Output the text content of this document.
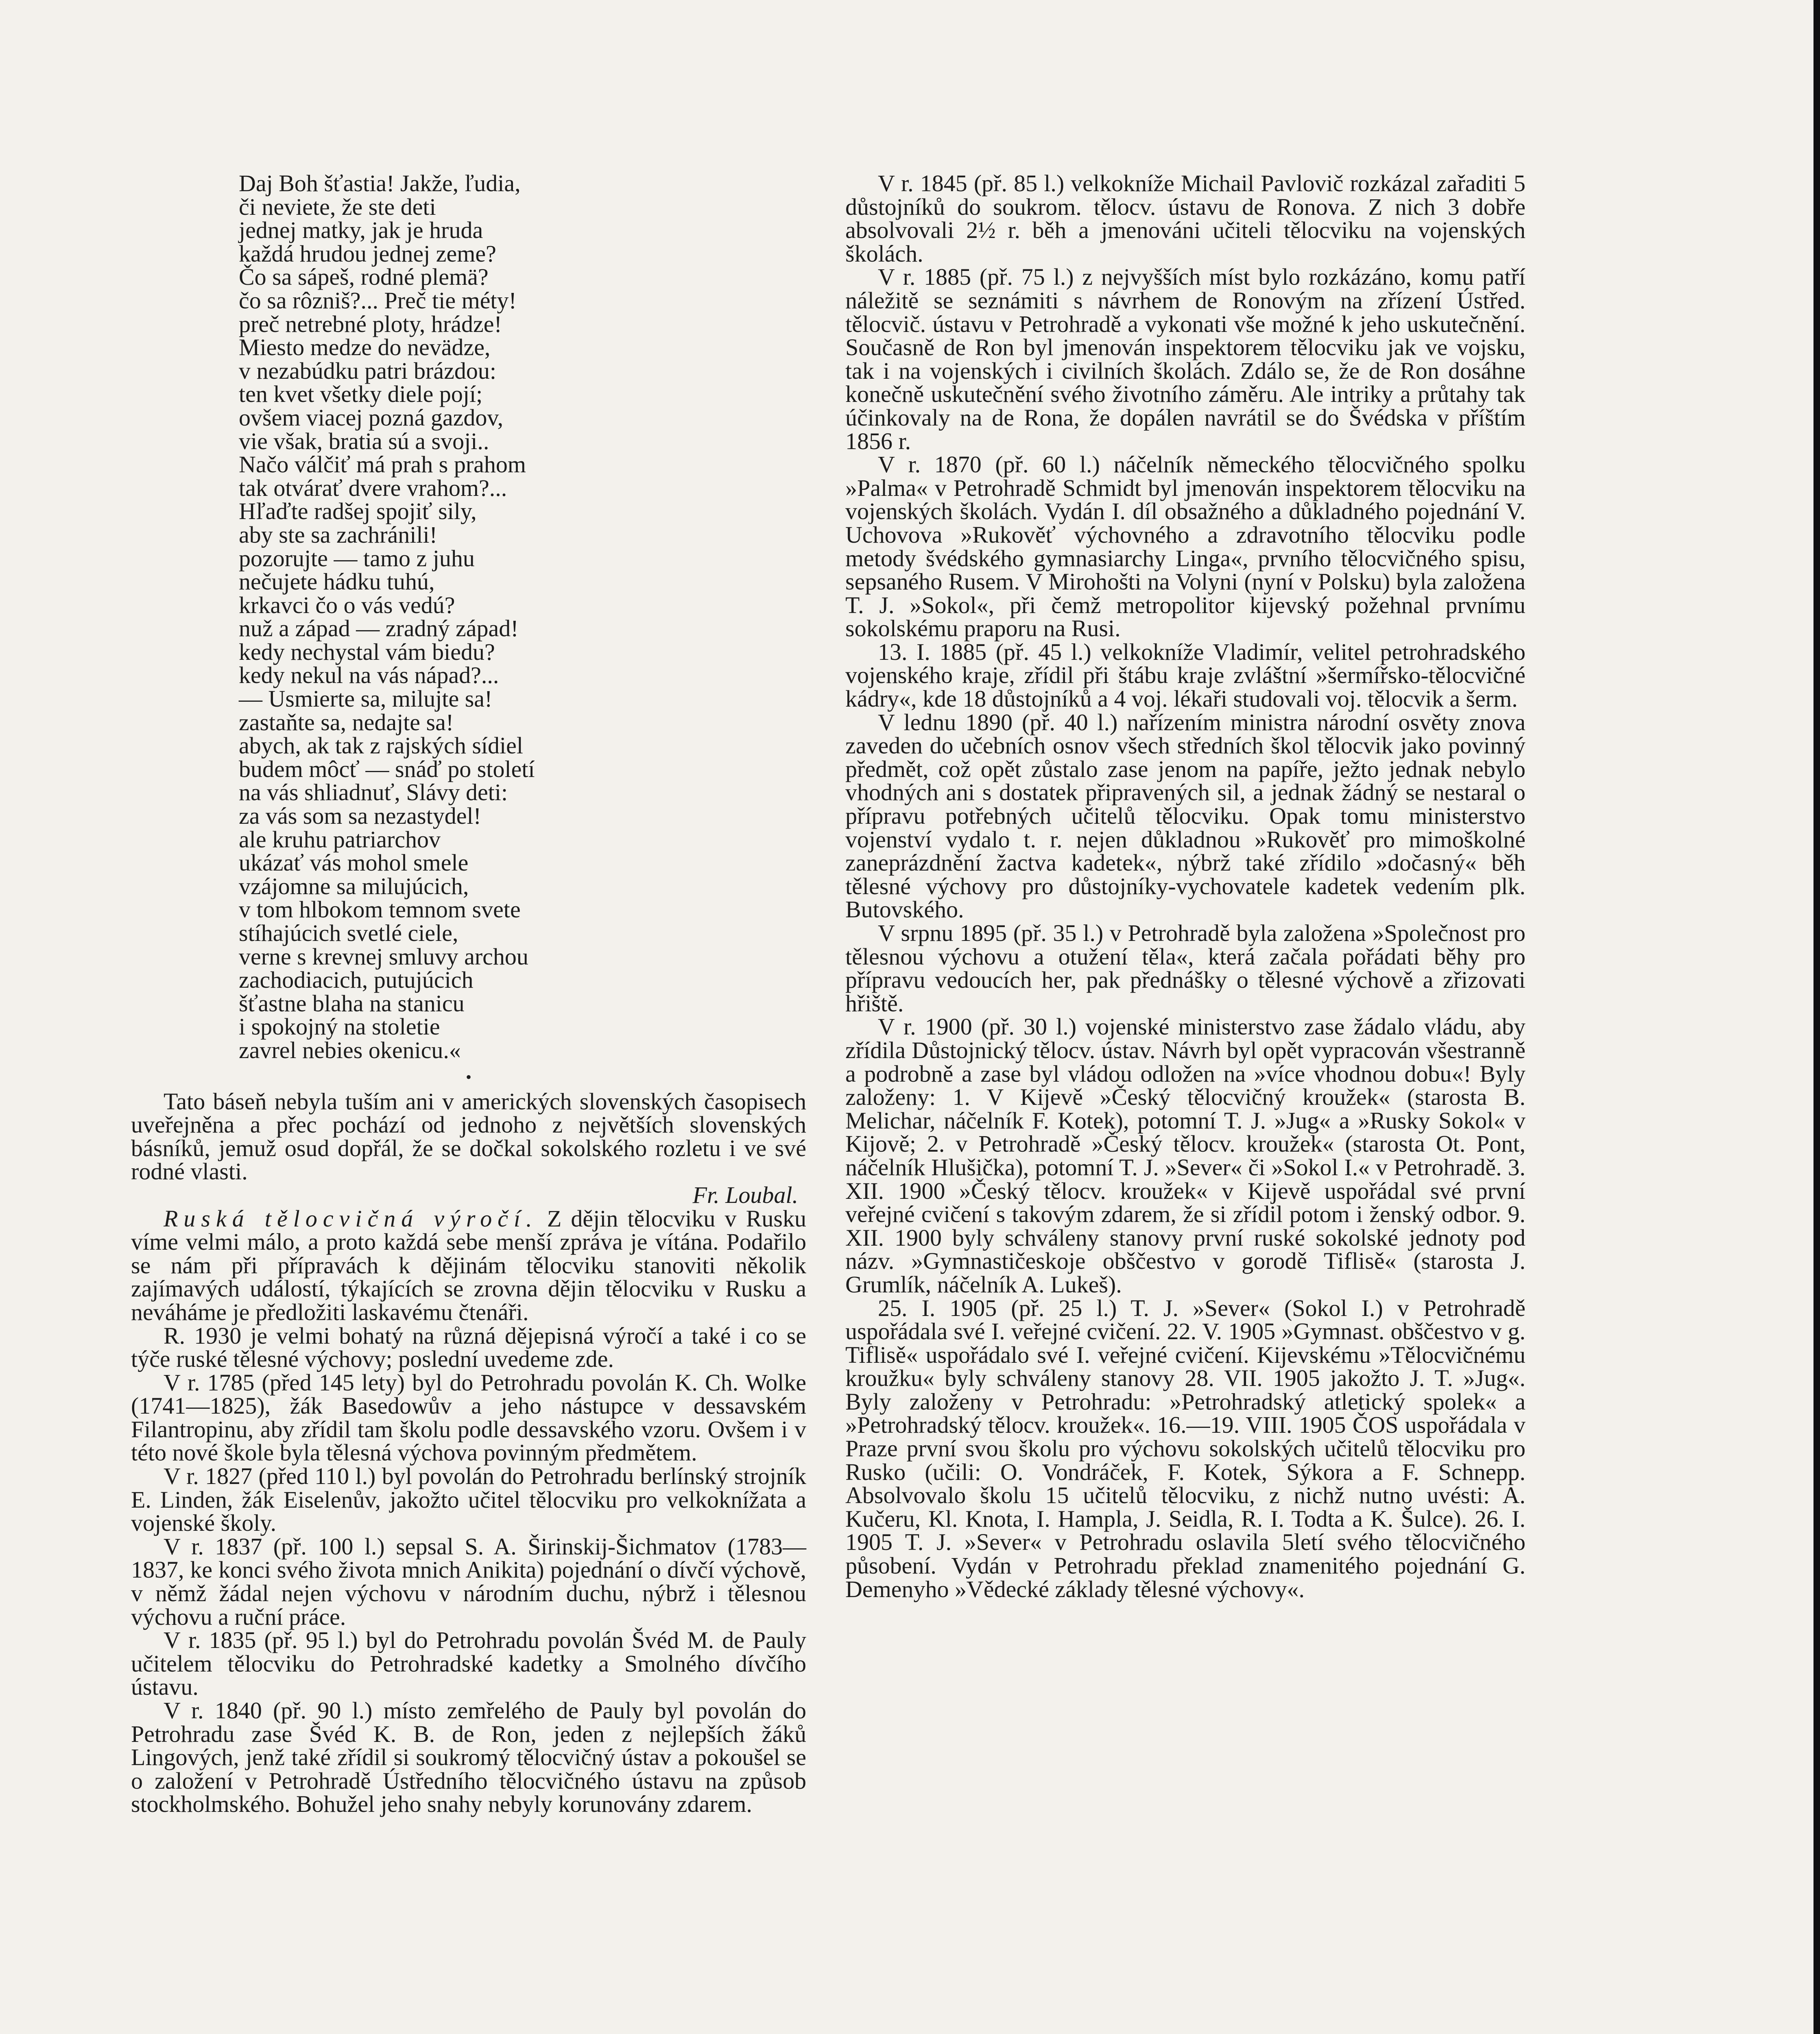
Daj Boh šťastia! Jakže, ľudia,

či neviete, že ste deti

jednej matky, jak je hruda

každá hrudou jednej zeme?

Čo sa sápeš, rodné plemä?

čo sa rôzniš?... Preč tie méty!

preč netrebné ploty, hrádze!

Miesto medze do nevädze,

v nezabúdku patri brázdou:

ten kvet všetky diele pojí;

ovšem viacej pozná gazdov,

vie však, bratia sú a svoji..

Načo válčiť má prah s prahom

tak otvárať dvere vrahom?...

Hľaďte radšej spojiť sily,

aby ste sa zachránili!

pozorujte — tamo z juhu

nečujete hádku tuhú,

krkavci čo o vás vedú?

nuž a západ — zradný západ!

kedy nechystal vám biedu?

kedy nekul na vás nápad?...

— Usmierte sa, milujte sa!

zastaňte sa, nedajte sa!

abych, ak tak z rajských sídiel

budem môcť — snáď po století

na vás shliadnuť, Slávy deti:

za vás som sa nezastydel!

ale kruhu patriarchov

ukázať vás mohol smele

vzájomne sa milujúcich,

v tom hlbokom temnom svete

stíhajúcich svetlé ciele,

verne s krevnej smluvy archou

zachodiacich, putujúcich

šťastne blaha na stanicu

i spokojný na stoletie

zavrel nebies okenicu.«

•

Tato báseň nebyla tuším ani v amerických slovenských časopisech uveřejněna a přec pochází od jednoho z největších slovenských básníků, jemuž osud dopřál, že se dočkal sokolského rozletu i ve své rodné vlasti.

Fr. Loubal.

Ruská tělocvičná výročí. Z dějin tělocviku v Rusku víme velmi málo, a proto každá sebe menší zpráva je vítána. Podařilo se nám při přípravách k dějinám tělocviku stanoviti několik zajímavých událostí, týkajících se zrovna dějin tělocviku v Rusku a neváháme je předložiti laskavému čtenáři.

R. 1930 je velmi bohatý na různá dějepisná výročí a také i co se týče ruské tělesné výchovy; poslední uvedeme zde.

V r. 1785 (před 145 lety) byl do Petrohradu povolán K. Ch. Wolke (1741—1825), žák Basedowův a jeho nástupce v dessavském Filantropinu, aby zřídil tam školu podle dessavského vzoru. Ovšem i v této nové škole byla tělesná výchova povinným předmětem.

V r. 1827 (před 110 l.) byl povolán do Petrohradu berlínský strojník E. Linden, žák Eiselenův, jakožto učitel tělocviku pro velkoknížata a vojenské školy.

V r. 1837 (př. 100 l.) sepsal S. A. Širinskij-Šichmatov (1783—1837, ke konci svého života mnich Anikita) pojednání o dívčí výchově, v němž žádal nejen výchovu v národním duchu, nýbrž i tělesnou výchovu a ruční práce.

V r. 1835 (př. 95 l.) byl do Petrohradu povolán Švéd M. de Pauly učitelem tělocviku do Petrohradské kadetky a Smolného dívčího ústavu.

V r. 1840 (př. 90 l.) místo zemřelého de Pauly byl povolán do Petrohradu zase Švéd K. B. de Ron, jeden z nejlepších žáků Lingových, jenž také zřídil si soukromý tělocvičný ústav a pokoušel se o založení v Petrohradě Ústředního tělocvičného ústavu na způsob stockholmského. Bohužel jeho snahy nebyly korunovány zdarem.

V r. 1845 (př. 85 l.) velkokníže Michail Pavlovič rozkázal zařaditi 5 důstojníků do soukrom. tělocv. ústavu de Ronova. Z nich 3 dobře absolvovali 2½ r. běh a jmenováni učiteli tělocviku na vojenských školách.

V r. 1885 (př. 75 l.) z nejvyšších míst bylo rozkázáno, komu patří náležitě se seznámiti s návrhem de Ronovým na zřízení Ústřed. tělocvič. ústavu v Petrohradě a vykonati vše možné k jeho uskutečnění. Současně de Ron byl jmenován inspektorem tělocviku jak ve vojsku, tak i na vojenských i civilních školách. Zdálo se, že de Ron dosáhne konečně uskutečnění svého životního záměru. Ale intriky a průtahy tak účinkovaly na de Rona, že dopálen navrátil se do Švédska v příštím 1856 r.

V r. 1870 (př. 60 l.) náčelník německého tělocvičného spolku »Palma« v Petrohradě Schmidt byl jmenován inspektorem tělocviku na vojenských školách. Vydán I. díl obsažného a důkladného pojednání V. Uchovova »Rukověť výchovného a zdravotního tělocviku podle metody švédského gymnasiarchy Linga«, prvního tělocvičného spisu, sepsaného Rusem. V Mirohošti na Volyni (nyní v Polsku) byla založena T. J. »Sokol«, při čemž metropolitor kijevský požehnal prvnímu sokolskému praporu na Rusi.

13. I. 1885 (př. 45 l.) velkokníže Vladimír, velitel petrohradského vojenského kraje, zřídil při štábu kraje zvláštní »šermířsko-tělocvičné kádry«, kde 18 důstojníků a 4 voj. lékaři studovali voj. tělocvik a šerm.

V lednu 1890 (př. 40 l.) nařízením ministra národní osvěty znova zaveden do učebních osnov všech středních škol tělocvik jako povinný předmět, což opět zůstalo zase jenom na papíře, ježto jednak nebylo vhodných ani s dostatek připravených sil, a jednak žádný se nestaral o přípravu potřebných učitelů tělocviku. Opak tomu ministerstvo vojenství vydalo t. r. nejen důkladnou »Rukověť pro mimoškolné zaneprázdnění žactva kadetek«, nýbrž také zřídilo »dočasný« běh tělesné výchovy pro důstojníky-vychovatele kadetek vedením plk. Butovského.

V srpnu 1895 (př. 35 l.) v Petrohradě byla založena »Společnost pro tělesnou výchovu a otužení těla«, která začala pořádati běhy pro přípravu vedoucích her, pak přednášky o tělesné výchově a zřizovati hřiště.

V r. 1900 (př. 30 l.) vojenské ministerstvo zase žádalo vládu, aby zřídila Důstojnický tělocv. ústav. Návrh byl opět vypracován všestranně a podrobně a zase byl vládou odložen na »více vhodnou dobu«! Byly založeny: 1. V Kijevě »Český tělocvičný kroužek« (starosta B. Melichar, náčelník F. Kotek), potomní T. J. »Jug« a »Rusky Sokol« v Kijově; 2. v Petrohradě »Český tělocv. kroužek« (starosta Ot. Pont, náčelník Hlušička), potomní T. J. »Sever« či »Sokol I.« v Petrohradě. 3. XII. 1900 »Český tělocv. kroužek« v Kijevě uspořádal své první veřejné cvičení s takovým zdarem, že si zřídil potom i ženský odbor. 9. XII. 1900 byly schváleny stanovy první ruské sokolské jednoty pod názv. »Gymnastičeskoje obščestvo v gorodě Tiflisě« (starosta J. Grumlík, náčelník A. Lukeš).

25. I. 1905 (př. 25 l.) T. J. »Sever« (Sokol I.) v Petrohradě uspořádala své I. veřejné cvičení. 22. V. 1905 »Gymnast. obščestvo v g. Tiflisě« uspořádalo své I. veřejné cvičení. Kijevskému »Tělocvičnému kroužku« byly schváleny stanovy 28. VII. 1905 jakožto J. T. »Jug«. Byly založeny v Petrohradu: »Petrohradský atletický spolek« a »Petrohradský tělocv. kroužek«. 16.—19. VIII. 1905 ČOS uspořádala v Praze první svou školu pro výchovu sokolských učitelů tělocviku pro Rusko (učili: O. Vondráček, F. Kotek, Sýkora a F. Schnepp. Absolvovalo školu 15 učitelů tělocviku, z nichž nutno uvésti: A. Kučeru, Kl. Knota, I. Hampla, J. Seidla, R. I. Todta a K. Šulce). 26. I. 1905 T. J. »Sever« v Petrohradu oslavila 5letí svého tělocvičného působení. Vydán v Petrohradu překlad znamenitého pojednání G. Demenyho »Vědecké základy tělesné výchovy«.
